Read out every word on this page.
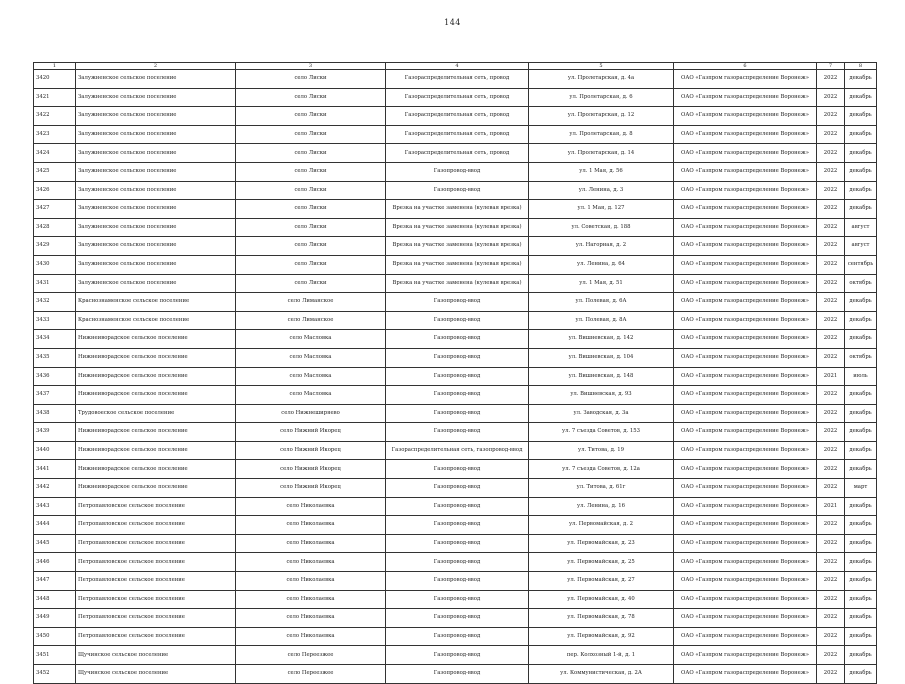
144
1	2	3	4	5	6	7	8
3420	Залужненское сельское поселение	село Лиски	Газораспределительная сеть, провод	ул. Пролетарская, д. 4а	ОАО «Газпром газораспределение Воронеж»	2022	декабрь
3421	Залужненское сельское поселение	село Лиски	Газораспределительная сеть, провод	ул. Пролетарская, д. 6	ОАО «Газпром газораспределение Воронеж»	2022	декабрь
3422	Залужненское сельское поселение	село Лиски	Газораспределительная сеть, провод	ул. Пролетарская, д. 12	ОАО «Газпром газораспределение Воронеж»	2022	декабрь
3423	Залужненское сельское поселение	село Лиски	Газораспределительная сеть, провод	ул. Пролетарская, д. 8	ОАО «Газпром газораспределение Воронеж»	2022	декабрь
3424	Залужненское сельское поселение	село Лиски	Газораспределительная сеть, провод	ул. Пролетарская, д. 14	ОАО «Газпром газораспределение Воронеж»	2022	декабрь
3425	Залужненское сельское поселение	село Лиски	Газопровод-ввод	ул. 1 Мая, д. 56	ОАО «Газпром газораспределение Воронеж»	2022	декабрь
3426	Залужненское сельское поселение	село Лиски	Газопровод-ввод	ул. Ленина, д. 3	ОАО «Газпром газораспределение Воронеж»	2022	декабрь
3427	Залужненское сельское поселение	село Лиски	Врезка на участке заменена (кулевая врезка)	ул. 1 Мая, д. 127	ОАО «Газпром газораспределение Воронеж»	2022	декабрь
3428	Залужненское сельское поселение	село Лиски	Врезка на участке заменена (кулевая врезка)	ул. Советская, д. 188	ОАО «Газпром газораспределение Воронеж»	2022	август
3429	Залужненское сельское поселение	село Лиски	Врезка на участке заменена (кулевая врезка)	ул. Нагорная, д. 2	ОАО «Газпром газораспределение Воронеж»	2022	август
3430	Залужненское сельское поселение	село Лиски	Врезка на участке заменена (кулевая врезка)	ул. Ленина, д. 64	ОАО «Газпром газораспределение Воронеж»	2022	сентябрь
3431	Залужненское сельское поселение	село Лиски	Врезка на участке заменена (кулевая врезка)	ул. 1 Мая, д. 51	ОАО «Газпром газораспределение Воронеж»	2022	октябрь
3432	Краснознаменское сельское поселение	село Лиманское	Газопровод-ввод	ул. Полевая, д. 6А	ОАО «Газпром газораспределение Воронеж»	2022	декабрь
3433	Краснознаменское сельское поселение	село Лиманское	Газопровод-ввод	ул. Полевая, д. 8А	ОАО «Газпром газораспределение Воронеж»	2022	декабрь
3434	Нижнеиворадское сельское поселение	село Масловка	Газопровод-ввод	ул. Вишневская, д. 142	ОАО «Газпром газораспределение Воронеж»	2022	декабрь
3435	Нижнеиворадское сельское поселение	село Масловка	Газопровод-ввод	ул. Вишневская, д. 104	ОАО «Газпром газораспределение Воронеж»	2022	октябрь
3436	Нижнеиворадское сельское поселение	село Масловка	Газопровод-ввод	ул. Вишневская, д. 148	ОАО «Газпром газораспределение Воронеж»	2021	июль
3437	Нижнеиворадское сельское поселение	село Масловка	Газопровод-ввод	ул. Вишневская, д. 93	ОАО «Газпром газораспределение Воронеж»	2022	декабрь
3438	Трудовоеское сельское поселение	село Нижнеширяево	Газопровод-ввод	ул. Заводская, д. 3а	ОАО «Газпром газораспределение Воронеж»	2022	декабрь
3439	Нижнеиворадское сельское поселение	село Нижний Икорец	Газопровод-ввод	ул. 7 съезда Советов, д. 153	ОАО «Газпром газораспределение Воронеж»	2022	декабрь
3440	Нижнеиворадское сельское поселение	село Нижний Икорец	Газораспределительная сеть, газопровод-ввод	ул. Титова, д. 19	ОАО «Газпром газораспределение Воронеж»	2022	декабрь
3441	Нижнеиворадское сельское поселение	село Нижний Икорец	Газопровод-ввод	ул. 7 съезда Советов, д. 12а	ОАО «Газпром газораспределение Воронеж»	2022	декабрь
3442	Нижнеиворадское сельское поселение	село Нижний Икорец	Газопровод-ввод	ул. Титова, д. 61г	ОАО «Газпром газораспределение Воронеж»	2022	март
3443	Петропавловское сельское поселение	село Николаевка	Газопровод-ввод	ул. Ленина, д. 16	ОАО «Газпром газораспределение Воронеж»	2021	декабрь
3444	Петропавловское сельское поселение	село Николаевка	Газопровод-ввод	ул. Первомайская, д. 2	ОАО «Газпром газораспределение Воронеж»	2022	декабрь
3445	Петропавловское сельское поселение	село Николаевка	Газопровод-ввод	ул. Первомайская, д. 23	ОАО «Газпром газораспределение Воронеж»	2022	декабрь
3446	Петропавловское сельское поселение	село Николаевка	Газопровод-ввод	ул. Первомайская, д. 25	ОАО «Газпром газораспределение Воронеж»	2022	декабрь
3447	Петропавловское сельское поселение	село Николаевка	Газопровод-ввод	ул. Первомайская, д. 27	ОАО «Газпром газораспределение Воронеж»	2022	декабрь
3448	Петропавловское сельское поселение	село Николаевка	Газопровод-ввод	ул. Первомайская, д. 40	ОАО «Газпром газораспределение Воронеж»	2022	декабрь
3449	Петропавловское сельское поселение	село Николаевка	Газопровод-ввод	ул. Первомайская, д. 78	ОАО «Газпром газораспределение Воронеж»	2022	декабрь
3450	Петропавловское сельское поселение	село Николаевка	Газопровод-ввод	ул. Первомайская, д. 92	ОАО «Газпром газораспределение Воронеж»	2022	декабрь
3451	Щучинское сельское поселение	село Переезжее	Газопровод-ввод	пер. Колхозный 1-й, д. 1	ОАО «Газпром газораспределение Воронеж»	2022	декабрь
3452	Щучинское сельское поселение	село Переезжее	Газопровод-ввод	ул. Коммунистическая, д. 2А	ОАО «Газпром газораспределение Воронеж»	2022	декабрь
